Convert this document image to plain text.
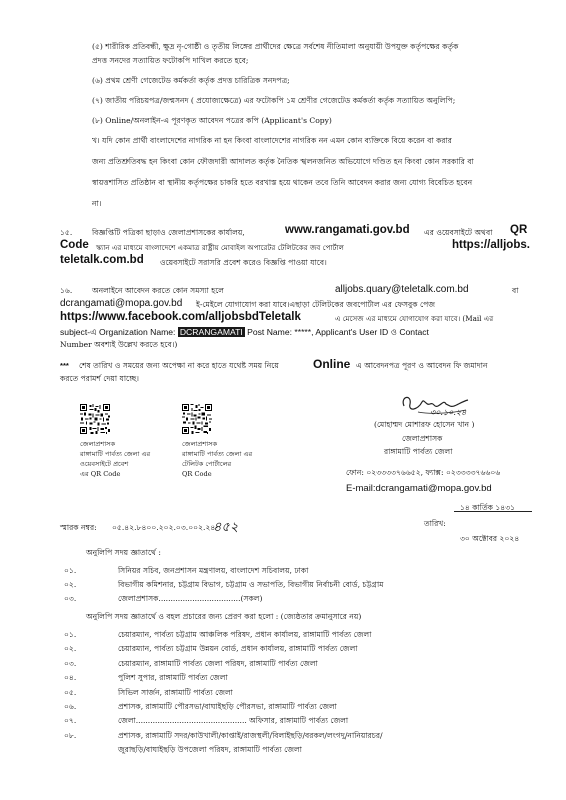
(৫) শারীরিক প্রতিবন্ধী, ক্ষুদ্র নৃ-গোষ্ঠী ও তৃতীয় লিঙ্গের প্রার্থীদের ক্ষেত্রে সর্বশেষ নীতিমালা অনুযায়ী উপযুক্ত কর্তৃপক্ষের কর্তৃক
প্রদত্ত সনদের সত্যায়িত ফটোকপি দাখিল করতে হবে;
(৬) প্রথম শ্রেণী গেজেটেড কর্মকর্তা কর্তৃক প্রদত্ত চারিত্রিক সনদপত্র;
(৭) জাতীয় পরিচয়পত্র/জন্মসনদ ( প্রযোজ্যক্ষেত্রে) এর ফটোকপি ১ম শ্রেণীর গেজেটেড কর্মকর্তা কর্তৃক সত্যায়িত অনুলিপি;
(৮) Online/অনলাইন-এ পূরণকৃত আবেদন পত্রের কপি (Applicant's Copy)
খ। যদি কোন প্রার্থী বাংলাদেশের নাগরিক না হন কিংবা বাংলাদেশের নাগরিক নন এমন কোন ব্যক্তিকে বিয়ে করেন বা করার
জন্য প্রতিশ্রুতিবদ্ধ হন কিংবা কোন ফৌজদারী আদালত কর্তৃক নৈতিক স্খলনজনিত অভিযোগে দণ্ডিত হন কিংবা কোন সরকারি বা
স্বায়ত্তশাসিত প্রতিষ্ঠান বা স্থানীয় কর্তৃপক্ষের চাকরি হতে বরখাস্ত হয়ে থাকেন তবে তিনি আবেদন করার জন্য যোগ্য বিবেচিত হবেন
না।
১৫.	বিজ্ঞপ্তিটি পত্রিকা ছাড়াও জেলাপ্রশাসকের কার্যালয়,	www.rangamati.gov.bd এর ওয়েবসাইটে অথবা QR
Code স্ক্যান এর মাধ্যমে বাংলাদেশে একমাত্র রাষ্ট্রীয় মোবাইল অপারেটর টেলিটকের জব পোর্টাল	https://alljobs.
teletalk.com.bd ওয়েবসাইটে সরাসরি প্রবেশ করেও বিজ্ঞপ্তি পাওয়া যাবে।
১৬.	অনলাইনে আবেদন করতে কোন সমস্যা হলে	alljobs.quary@teletalk.com.bd	বা
dcrangamati@mopa.gov.bd ই-মেইলে যোগাযোগ করা যাবে।এছাড়া টেলিটকের জবপোর্টাল এর ফেসবুক পেজ
https://www.facebook.com/alljobsbdTeletalk	এ মেসেজ এর মাধ্যমে যোগাযোগ করা যাবে। (Mail এর
subject-এ Organization Name: DCRANGAMATI Post Name: *****, Applicant's User ID ও Contact
Number অবশ্যই উল্লেখ করতে হবে।)
*** শেষ তারিখ ও সময়ের জন্য অপেক্ষা না করে হাতে যথেষ্ট সময় নিয়ে	Online এ আবেদনপত্র পূরণ ও আবেদন ফি জমাদান
করতে পরামর্শ দেয়া যাচ্ছে।
জেলাপ্রশাসক
রাঙ্গামাটি পার্বত্য জেলা এর
ওয়েবসাইটে প্রবেশ
এর QR Code
জেলাপ্রশাসক
রাঙ্গামাটি পার্বত্য জেলা এর
টেলিটক পোর্টালের
QR Code
৩০.১০.২৪
(মোহাম্মদ মোশারফ হোসেন খান )
জেলাপ্রশাসক
রাঙ্গামাটি পার্বত্য জেলা
ফোন: ০২৩৩৩৩৭৬৬৫২, ফ্যাক্স: ০২৩৩৩৩৭৬৬০৬
E-mail:dcrangamati@mopa.gov.bd
স্মারক নম্বর: ০৫.৪২.৮৪০০.২০২.০৩.০০২.২৪-
৪৫২	তারিখ:
১৪ কার্তিক ১৪৩১
৩০ অক্টোবর ২০২৪
অনুলিপি সদয় জ্ঞাতার্থে :
০১.	সিনিয়র সচিব, জনপ্রশাসন মন্ত্রণালয়, বাংলাদেশ সচিবালয়, ঢাকা
০২.	বিভাগীয় কমিশনার, চট্টগ্রাম বিভাগ, চট্টগ্রাম ও সভাপতি, বিভাগীয় নির্বাচনী বোর্ড, চট্টগ্রাম
০৩.	জেলাপ্রশাসক..................................(সকল)
অনুলিপি সদয় জ্ঞাতার্থে ও বহল প্রচারের জন্য প্রেরণ করা হলো : (জ্যেষ্ঠতার ক্রমানুসারে নয়)
০১.	চেয়ারম্যান, পার্বত্য চট্টগ্রাম আঞ্চলিক পরিষদ, প্রধান কার্যালয়, রাঙ্গামাটি পার্বত্য জেলা
০২.	চেয়ারম্যান, পার্বত্য চট্টগ্রাম উন্নয়ন বোর্ড, প্রধান কার্যালয়, রাঙ্গামাটি পার্বত্য জেলা
০৩.	চেয়ারম্যান, রাঙ্গামাটি পার্বত্য জেলা পরিষদ, রাঙ্গামাটি পার্বত্য জেলা
০৪.	পুলিশ সুপার, রাঙ্গামাটি পার্বত্য জেলা
০৫.	সিভিল সার্জন, রাঙ্গামাটি পার্বত্য জেলা
০৬.	প্রশাসক, রাঙ্গামাটি পৌরসভা/বাঘাইছড়ি পৌরসভা, রাঙ্গামাটি পার্বত্য জেলা
০৭.	জেলা.............................................. অফিসার, রাঙ্গামাটি পার্বত্য জেলা
০৮.	প্রশাসক, রাঙ্গামাটি সদর/কাউখালী/কাপ্তাই/রাজস্থলী/বিলাইছড়ি/বরকল/লংগদু/নানিয়ারচর/
জুরাছড়ি/বাঘাইছড়ি উপজেলা পরিষদ, রাঙ্গামাটি পার্বত্য জেলা
